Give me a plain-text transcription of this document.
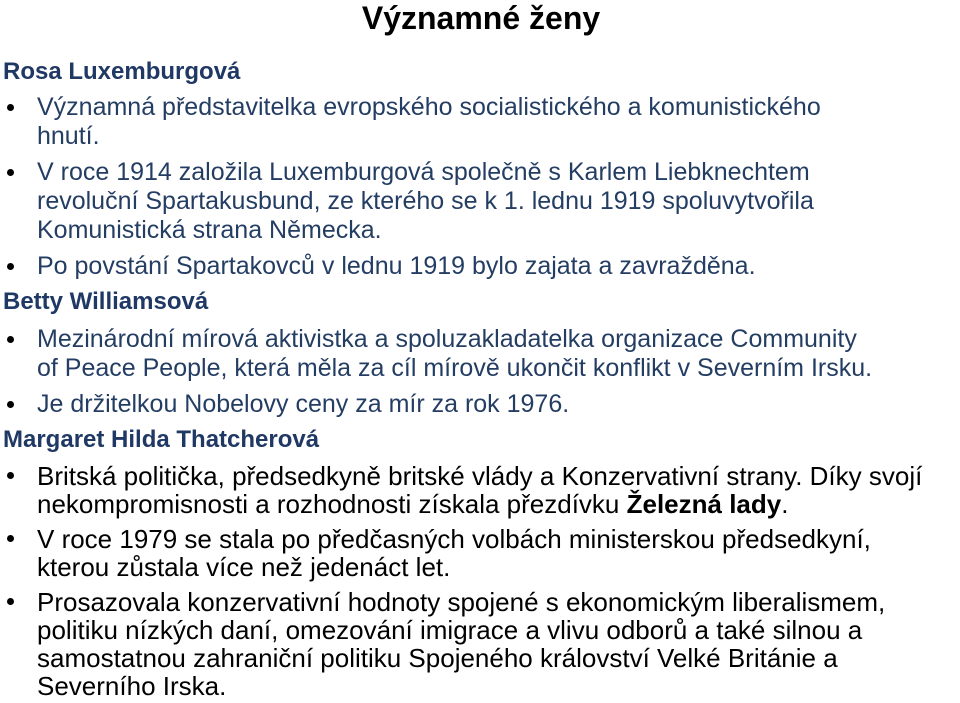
Významné ženy
Rosa Luxemburgová
Významná představitelka evropského socialistického a komunistického
hnutí.
V roce 1914 založila Luxemburgová společně s Karlem Liebknechtem
revoluční Spartakusbund, ze kterého se k 1. lednu 1919 spoluvytvořila
Komunistická strana Německa.
Po povstání Spartakovců v lednu 1919 bylo zajata a zavražděna.
Betty Williamsová
Mezinárodní mírová aktivistka a spoluzakladatelka organizace Community
of Peace People, která měla za cíl mírově ukončit konflikt v Severním Irsku.
Je držitelkou Nobelovy ceny za mír za rok 1976.
Margaret Hilda Thatcherová
Britská politička, předsedkyně britské vlády a Konzervativní strany. Díky svojí
nekompromisnosti a rozhodnosti získala přezdívku Železná lady.
V roce 1979 se stala po předčasných volbách ministerskou předsedkyní,
kterou zůstala více než jedenáct let.
Prosazovala konzervativní hodnoty spojené s ekonomickým liberalismem,
politiku nízkých daní, omezování imigrace a vlivu odborů a také silnou a
samostatnou zahraniční politiku Spojeného království Velké Británie a
Severního Irska.
